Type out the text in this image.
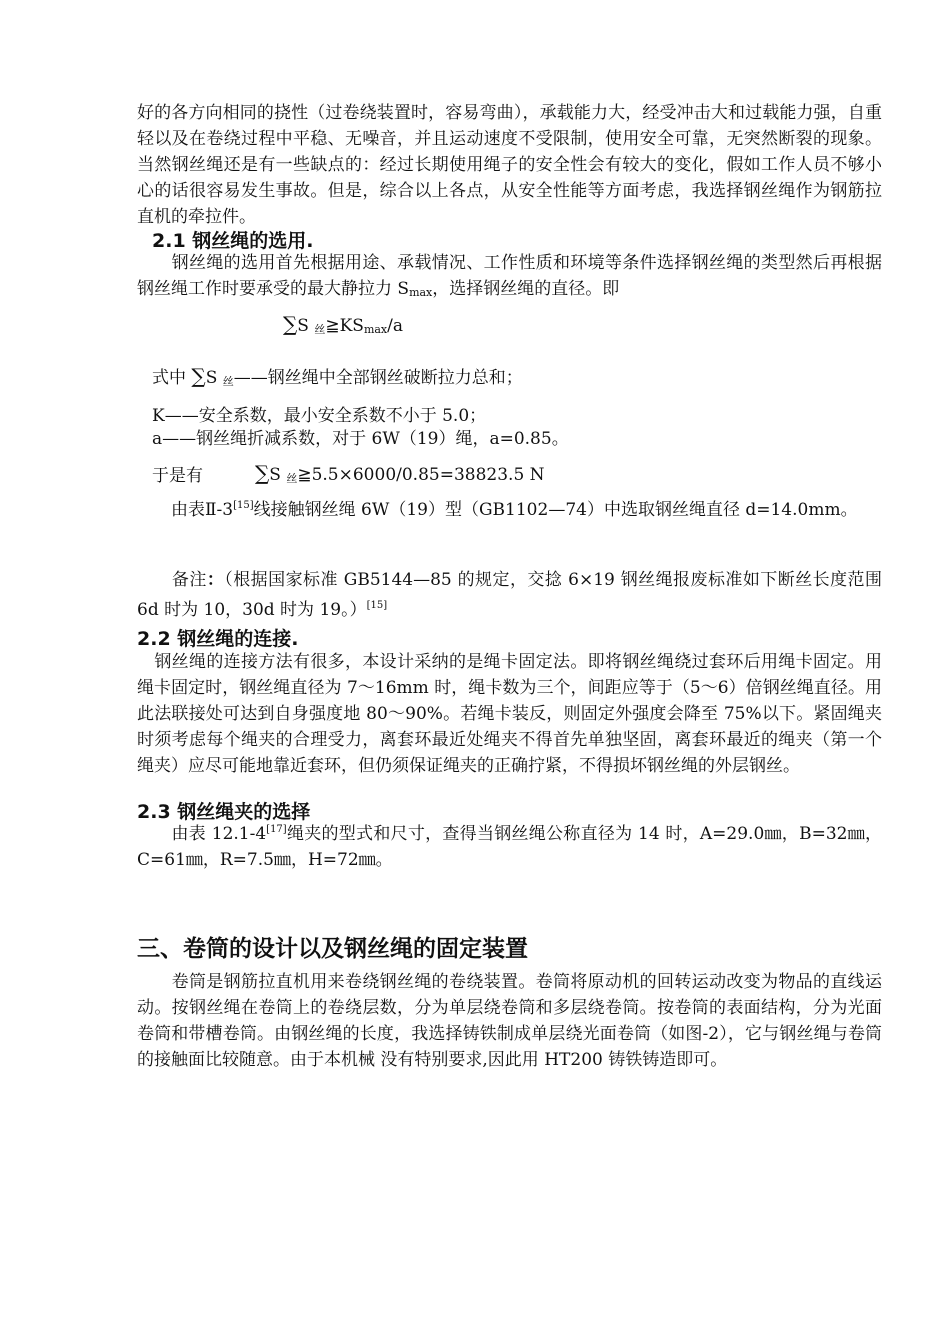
好的各方向相同的挠性（过卷绕装置时，容易弯曲），承载能力大，经受冲击大和过载能力强，自重轻以及在卷绕过程中平稳、无噪音，并且运动速度不受限制，使用安全可靠，无突然断裂的现象。当然钢丝绳还是有一些缺点的：经过长期使用绳子的安全性会有较大的变化，假如工作人员不够小心的话很容易发生事故。但是，综合以上各点，从安全性能等方面考虑，我选择钢丝绳作为钢筋拉直机的牵拉件。

2.1 钢丝绳的选用.

　　钢丝绳的选用首先根据用途、承载情况、工作性质和环境等条件选择钢丝绳的类型然后再根据钢丝绳工作时要承受的最大静拉力 $S_{max}$，选择钢丝绳的直径。即

∑S $_丝≧KS_{max}/a$
式中 ∑S $_丝$——钢丝绳中全部钢丝破断拉力总和；
K——安全系数，最小安全系数不小于 5.0；
a——钢丝绳折减系数，对于 6W（19）绳，a=0.85。
于是有	∑S $_丝$≧5.5×6000/0.85=38823.5 N

　　由表Ⅱ-3[15]线接触钢丝绳 6W（19）型（GB1102—74）中选取钢丝绳直径 d=14.0mm。

　　备注：（根据国家标准 GB5144—85 的规定，交捻 6×19 钢丝绳报废标准如下断丝长度范围 6d 时为 10，30d 时为 19。）[15]

2.2 钢丝绳的连接.

　钢丝绳的连接方法有很多，本设计采纳的是绳卡固定法。即将钢丝绳绕过套环后用绳卡固定。用绳卡固定时，钢丝绳直径为 7～16mm 时，绳卡数为三个，间距应等于（5～6）倍钢丝绳直径。用此法联接处可达到自身强度地 80～90%。若绳卡装反，则固定外强度会降至 75%以下。紧固绳夹时须考虑每个绳夹的合理受力，离套环最近处绳夹不得首先单独坚固，离套环最近的绳夹（第一个绳夹）应尽可能地靠近套环，但仍须保证绳夹的正确拧紧，不得损坏钢丝绳的外层钢丝。

2.3 钢丝绳夹的选择

　　由表 12.1-4[17]绳夹的型式和尺寸，查得当钢丝绳公称直径为 14 时，A=29.0㎜，B=32㎜，C=61㎜，R=7.5㎜，H=72㎜。

三、卷筒的设计以及钢丝绳的固定装置

　　卷筒是钢筋拉直机用来卷绕钢丝绳的卷绕装置。卷筒将原动机的回转运动改变为物品的直线运动。按钢丝绳在卷筒上的卷绕层数，分为单层绕卷筒和多层绕卷筒。按卷筒的表面结构，分为光面卷筒和带槽卷筒。由钢丝绳的长度，我选择铸铁制成单层绕光面卷筒（如图-2），它与钢丝绳与卷筒的接触面比较随意。由于本机械 没有特别要求,因此用 HT200 铸铁铸造即可。
